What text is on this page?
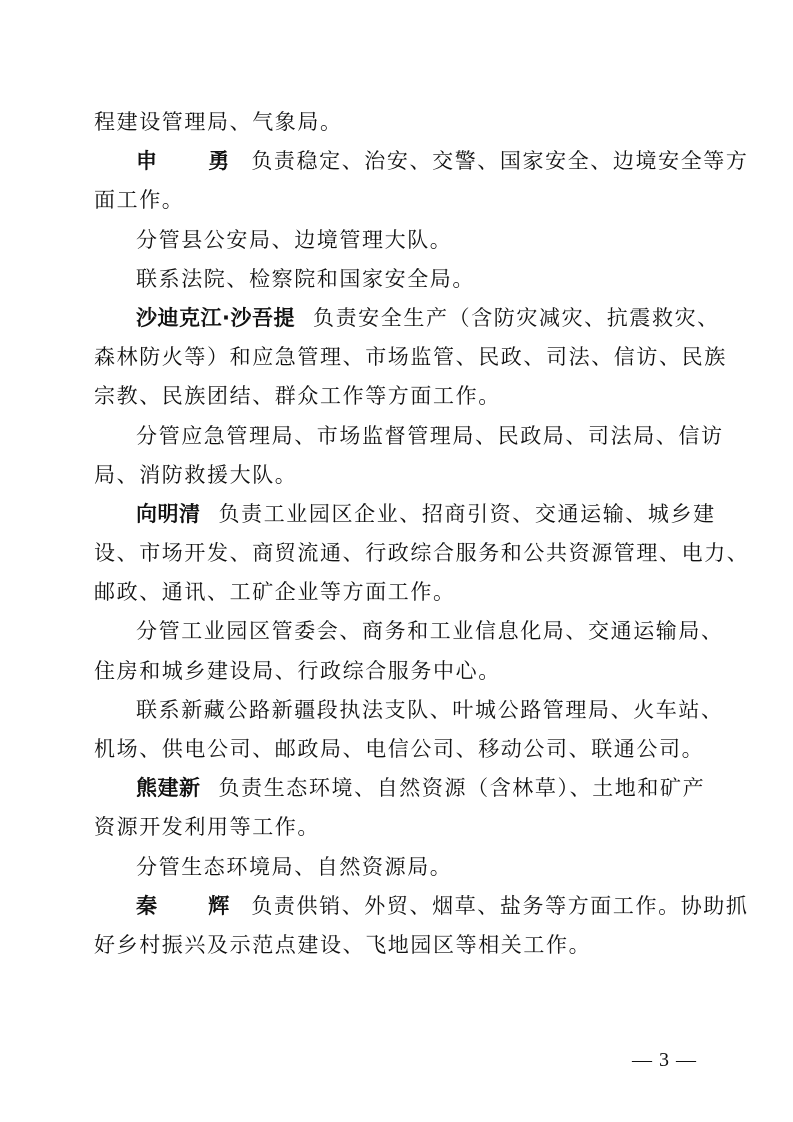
程建设管理局、气象局。
申 勇负责稳定、治安、交警、国家安全、边境安全等方
面工作。
分管县公安局、边境管理大队。
联系法院、检察院和国家安全局。
沙迪克江·沙吾提 负责安全生产（含防灾减灾、抗震救灾、
森林防火等）和应急管理、市场监管、民政、司法、信访、民族
宗教、民族团结、群众工作等方面工作。
分管应急管理局、市场监督管理局、民政局、司法局、信访
局、消防救援大队。
向明清 负责工业园区企业、招商引资、交通运输、城乡建
设、市场开发、商贸流通、行政综合服务和公共资源管理、电力、
邮政、通讯、工矿企业等方面工作。
分管工业园区管委会、商务和工业信息化局、交通运输局、
住房和城乡建设局、行政综合服务中心。
联系新藏公路新疆段执法支队、叶城公路管理局、火车站、
机场、供电公司、邮政局、电信公司、移动公司、联通公司。
熊建新 负责生态环境、自然资源（含林草）、土地和矿产
资源开发利用等工作。
分管生态环境局、自然资源局。
秦 辉负责供销、外贸、烟草、盐务等方面工作。协助抓
好乡村振兴及示范点建设、飞地园区等相关工作。
— 3 —
